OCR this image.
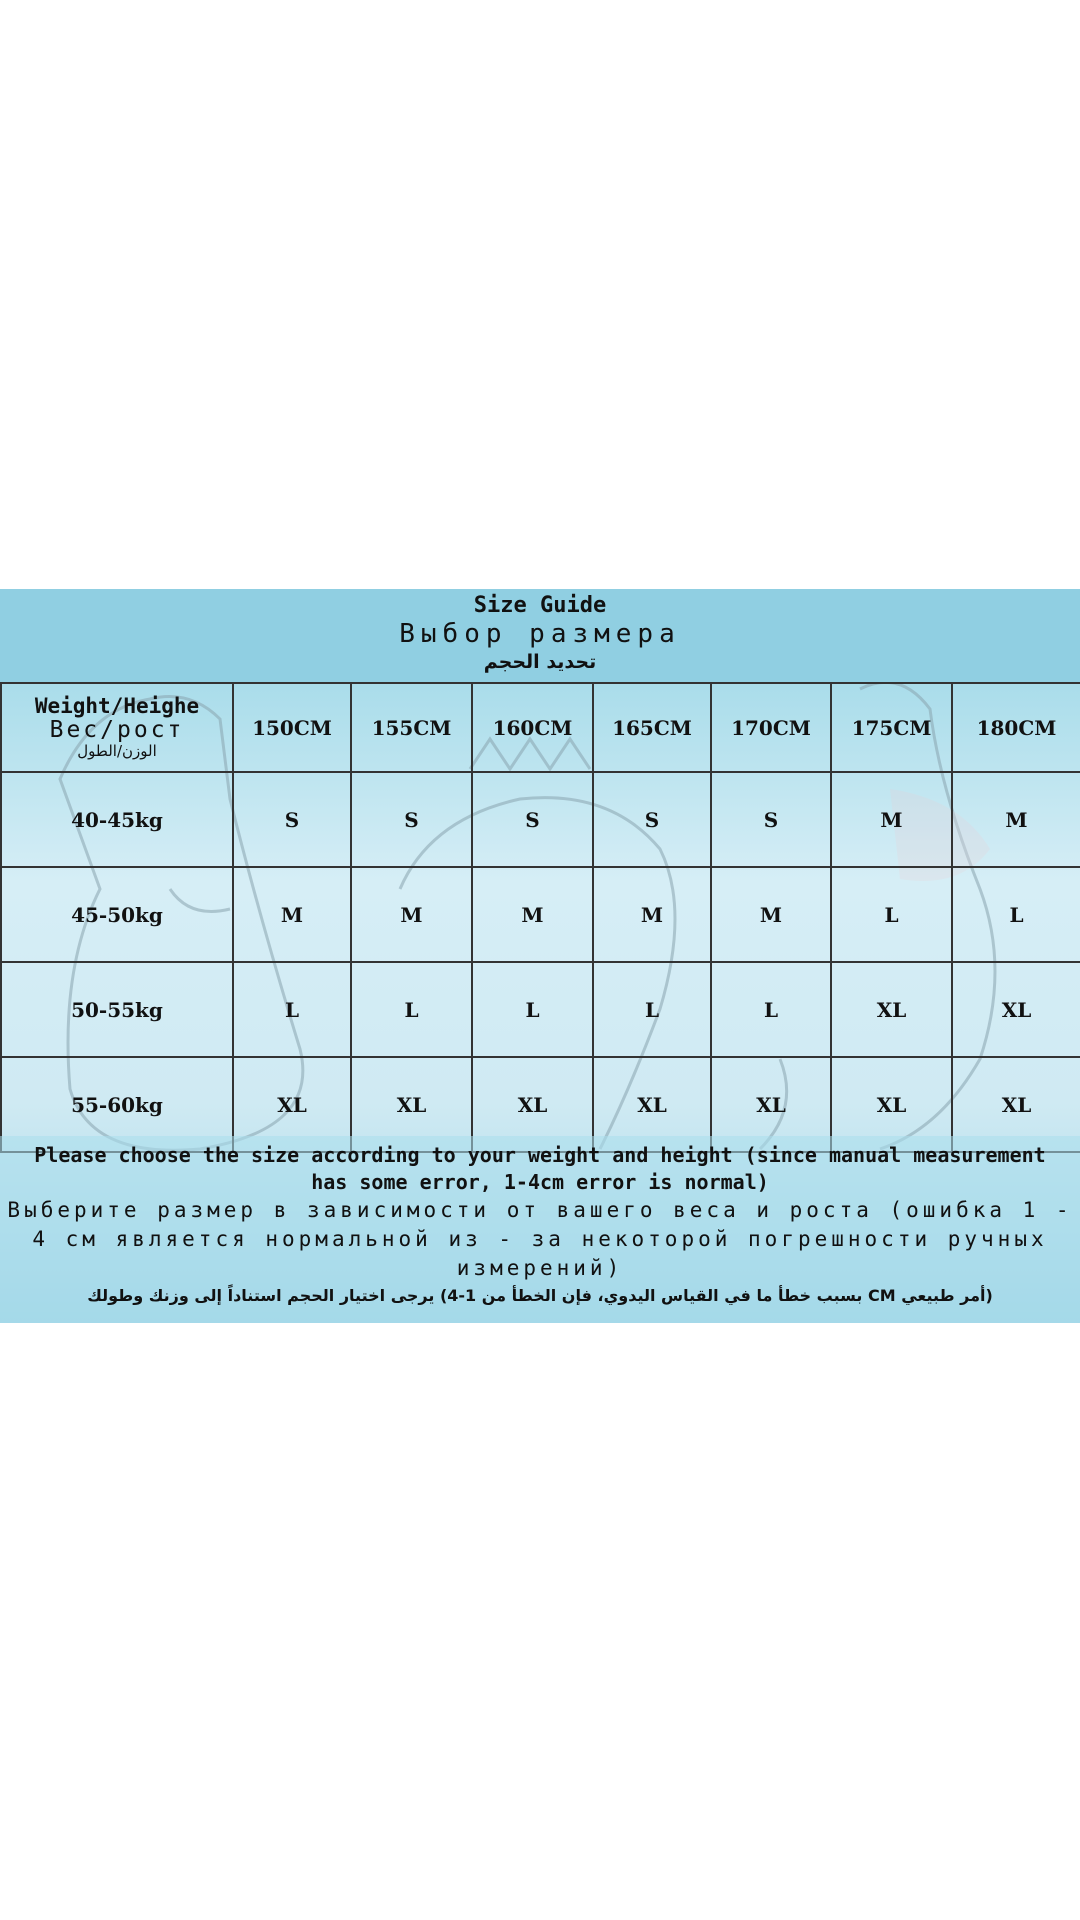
Size Guide
Выбор размера
تحديد الحجم
Weight/Heighe
Вес/рост
الوزن/الطول	150CM	155CM	160CM	165CM	170CM	175CM	180CM
40-45kg	S	S	S	S	S	M	M
45-50kg	M	M	M	M	M	L	L
50-55kg	L	L	L	L	L	XL	XL
55-60kg	XL	XL	XL	XL	XL	XL	XL
Please choose the size according to your weight and height (since manual measurement has some error, 1-4cm error is normal)
Выберите размер в зависимости от вашего веса и роста (ошибка 1 - 4 см является нормальной из - за некоторой погрешности ручных измерений)
(أمر طبيعي CM بسبب خطأ ما في القياس اليدوي، فإن الخطأ من 1-4) يرجى اختيار الحجم استناداً إلى وزنك وطولك
